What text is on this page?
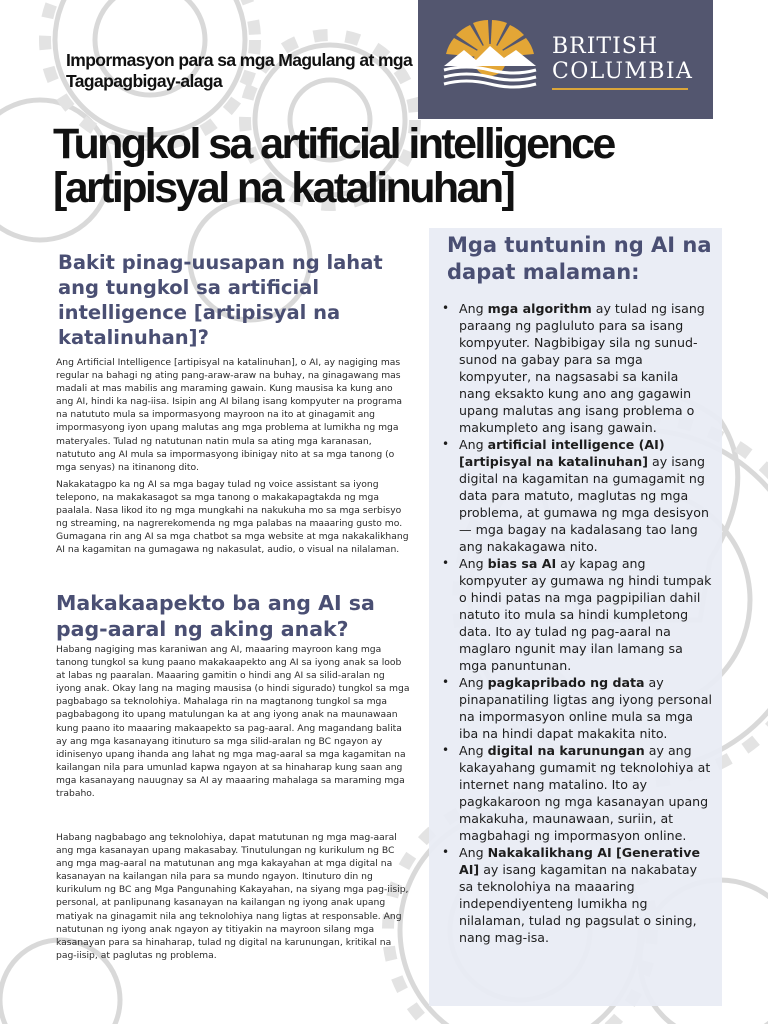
Impormasyon para sa mga Magulang at mga Tagapagbigay-alaga
BRITISH
COLUMBIA
Tungkol sa artificial intelligence [artipisyal na katalinuhan]
Bakit pinag-uusapan ng lahat ang tungkol sa artificial intelligence [artipisyal na katalinuhan]?

Ang Artificial Intelligence [artipisyal na katalinuhan], o AI, ay nagiging mas regular na bahagi ng ating pang-araw-araw na buhay, na ginagawang mas madali at mas mabilis ang maraming gawain. Kung mausisa ka kung ano ang AI, hindi ka nag-iisa. Isipin ang AI bilang isang kompyuter na programa na natututo mula sa impormasyong mayroon na ito at ginagamit ang impormasyong iyon upang malutas ang mga problema at lumikha ng mga materyales. Tulad ng natutunan natin mula sa ating mga karanasan, natututo ang AI mula sa impormasyong ibinigay nito at sa mga tanong (o mga senyas) na itinanong dito.

Nakakatagpo ka ng AI sa mga bagay tulad ng voice assistant sa iyong telepono, na makakasagot sa mga tanong o makakapagtakda ng mga paalala. Nasa likod ito ng mga mungkahi na nakukuha mo sa mga serbisyo ng streaming, na nagrerekomenda ng mga palabas na maaaring gusto mo. Gumagana rin ang AI sa mga chatbot sa mga website at mga nakakalikhang AI na kagamitan na gumagawa ng nakasulat, audio, o visual na nilalaman.

Makakaapekto ba ang AI sa pag-aaral ng aking anak?

Habang nagiging mas karaniwan ang AI, maaaring mayroon kang mga tanong tungkol sa kung paano makakaapekto ang AI sa iyong anak sa loob at labas ng paaralan. Maaaring gamitin o hindi ang AI sa silid-aralan ng iyong anak. Okay lang na maging mausisa (o hindi sigurado) tungkol sa mga pagbabago sa teknolohiya. Mahalaga rin na magtanong tungkol sa mga pagbabagong ito upang matulungan ka at ang iyong anak na maunawaan kung paano ito maaaring makaapekto sa pag-aaral. Ang magandang balita ay ang mga kasanayang itinuturo sa mga silid-aralan ng BC ngayon ay idinisenyo upang ihanda ang lahat ng mga mag-aaral sa mga kagamitan na kailangan nila para umunlad kapwa ngayon at sa hinaharap kung saan ang mga kasanayang nauugnay sa AI ay maaaring mahalaga sa maraming mga trabaho.

Habang nagbabago ang teknolohiya, dapat matutunan ng mga mag-aaral ang mga kasanayan upang makasabay. Tinutulungan ng kurikulum ng BC ang mga mag-aaral na matutunan ang mga kakayahan at mga digital na kasanayan na kailangan nila para sa mundo ngayon. Itinuturo din ng kurikulum ng BC ang Mga Pangunahing Kakayahan, na siyang mga pag-iisip, personal, at panlipunang kasanayan na kailangan ng iyong anak upang matiyak na ginagamit nila ang teknolohiya nang ligtas at responsable. Ang natutunan ng iyong anak ngayon ay titiyakin na mayroon silang mga kasanayan para sa hinaharap, tulad ng digital na karunungan, kritikal na pag-iisip, at paglutas ng problema.

Mga tuntunin ng AI na dapat malaman:
• Ang mga algorithm ay tulad ng isang paraang ng pagluluto para sa isang kompyuter. Nagbibigay sila ng sunud-sunod na gabay para sa mga kompyuter, na nagsasabi sa kanila nang eksakto kung ano ang gagawin upang malutas ang isang problema o makumpleto ang isang gawain.
• Ang artificial intelligence (AI) [artipisyal na katalinuhan] ay isang digital na kagamitan na gumagamit ng data para matuto, maglutas ng mga problema, at gumawa ng mga desisyon — mga bagay na kadalasang tao lang ang nakakagawa nito.
• Ang bias sa AI ay kapag ang kompyuter ay gumawa ng hindi tumpak o hindi patas na mga pagpipilian dahil natuto ito mula sa hindi kumpletong data. Ito ay tulad ng pag-aaral na maglaro ngunit may ilan lamang sa mga panuntunan.
• Ang pagkapribado ng data ay pinapanatiling ligtas ang iyong personal na impormasyon online mula sa mga iba na hindi dapat makakita nito.
• Ang digital na karunungan ay ang kakayahang gumamit ng teknolohiya at internet nang matalino. Ito ay pagkakaroon ng mga kasanayan upang makakuha, maunawaan, suriin, at magbahagi ng impormasyon online.
• Ang Nakakalikhang AI [Generative AI] ay isang kagamitan na nakabatay sa teknolohiya na maaaring independiyenteng lumikha ng nilalaman, tulad ng pagsulat o sining, nang mag-isa.
